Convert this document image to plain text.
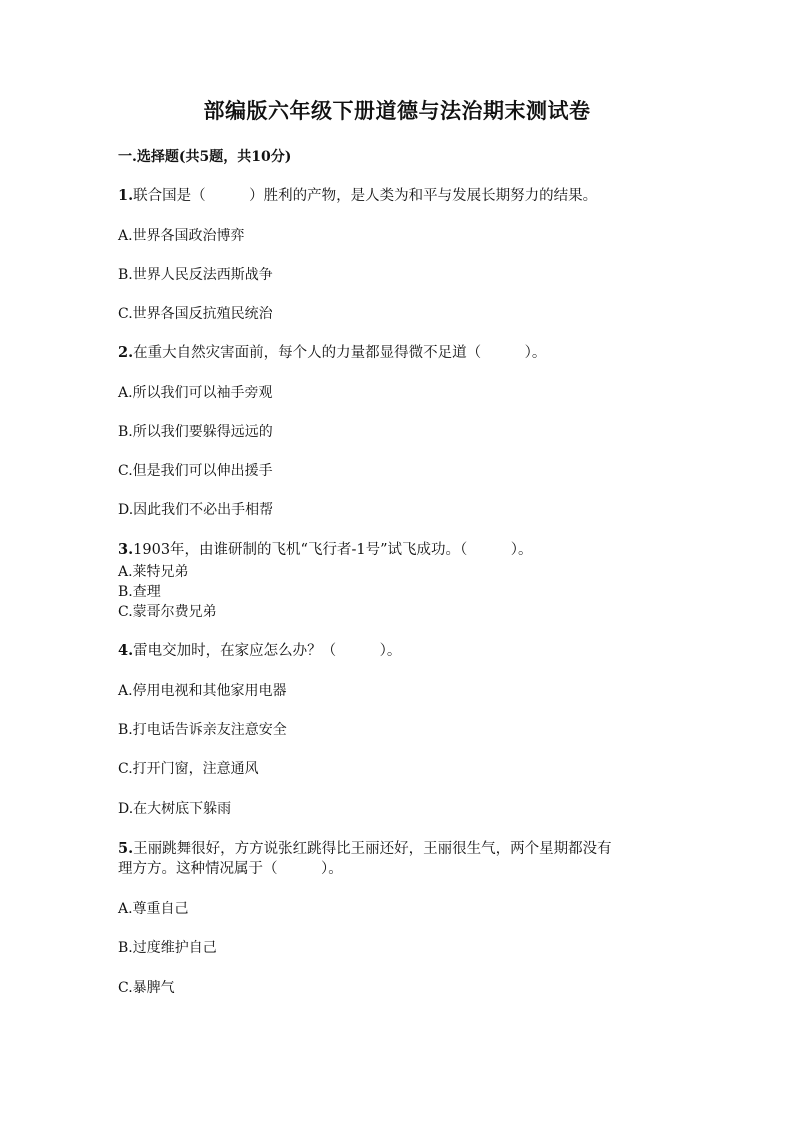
部编版六年级下册道德与法治期末测试卷
一.选择题(共5题，共10分)
1.联合国是（　　　）胜利的产物，是人类为和平与发展长期努力的结果。
A.世界各国政治博弈
B.世界人民反法西斯战争
C.世界各国反抗殖民统治
2.在重大自然灾害面前，每个人的力量都显得微不足道（　　　）。
A.所以我们可以袖手旁观
B.所以我们要躲得远远的
C.但是我们可以伸出援手
D.因此我们不必出手相帮
3.1903年，由谁研制的飞机“飞行者-1号”试飞成功。（　　　）。
A.莱特兄弟
B.查理
C.蒙哥尔费兄弟
4.雷电交加时，在家应怎么办？（　　　）。
A.停用电视和其他家用电器
B.打电话告诉亲友注意安全
C.打开门窗，注意通风
D.在大树底下躲雨
5.王丽跳舞很好，方方说张红跳得比王丽还好，王丽很生气，两个星期都没有
理方方。这种情况属于（　　　）。
A.尊重自己
B.过度维护自己
C.暴脾气
